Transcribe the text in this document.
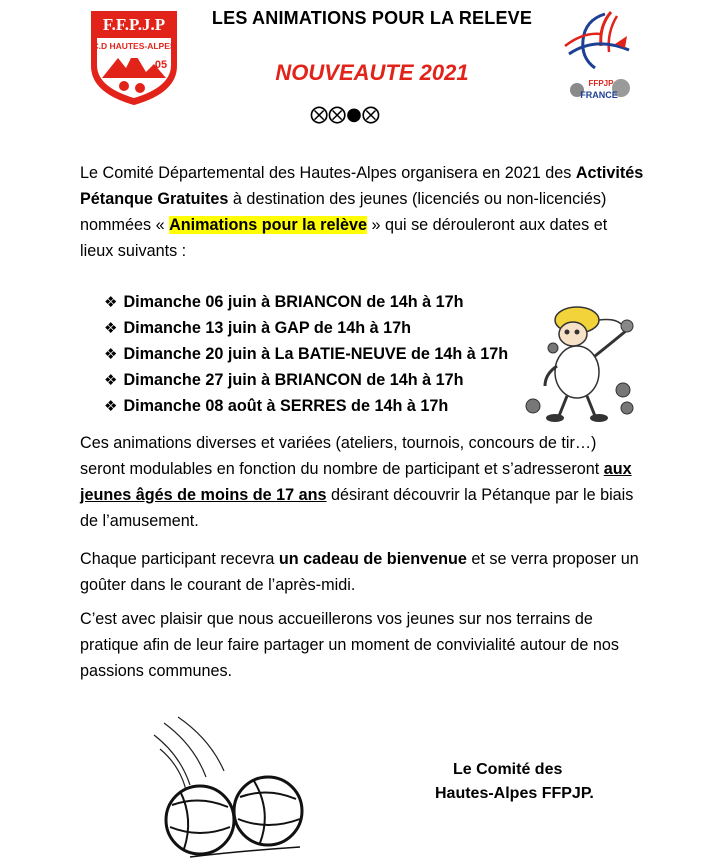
F.F.P.J.P
C.D HAUTES-ALPES
05
FFPJP
FRANCE
LES ANIMATIONS POUR LA RELEVE
NOUVEAUTE 2021
⨂⨂●⨂
Le Comité Départemental des Hautes-Alpes organisera en 2021 des Activités Pétanque Gratuites à destination des jeunes (licenciés ou non-licenciés) nommées « Animations pour la relève » qui se dérouleront aux dates et lieux suivants :
❖ Dimanche 06 juin à BRIANCON de 14h à 17h
❖ Dimanche 13 juin à GAP de 14h à 17h
❖ Dimanche 20 juin à La BATIE-NEUVE de 14h à 17h
❖ Dimanche 27 juin à BRIANCON de 14h à 17h
❖ Dimanche 08 août à SERRES de 14h à 17h
Ces animations diverses et variées (ateliers, tournois, concours de tir…) seront modulables en fonction du nombre de participant et s’adresseront aux jeunes âgés de moins de 17 ans désirant découvrir la Pétanque par le biais de l’amusement.
Chaque participant recevra un cadeau de bienvenue et se verra proposer un goûter dans le courant de l’après-midi.
C’est avec plaisir que nous accueillerons vos jeunes sur nos terrains de pratique afin de leur faire partager un moment de convivialité autour de nos passions communes.
Le Comité des
Hautes-Alpes FFPJP.
